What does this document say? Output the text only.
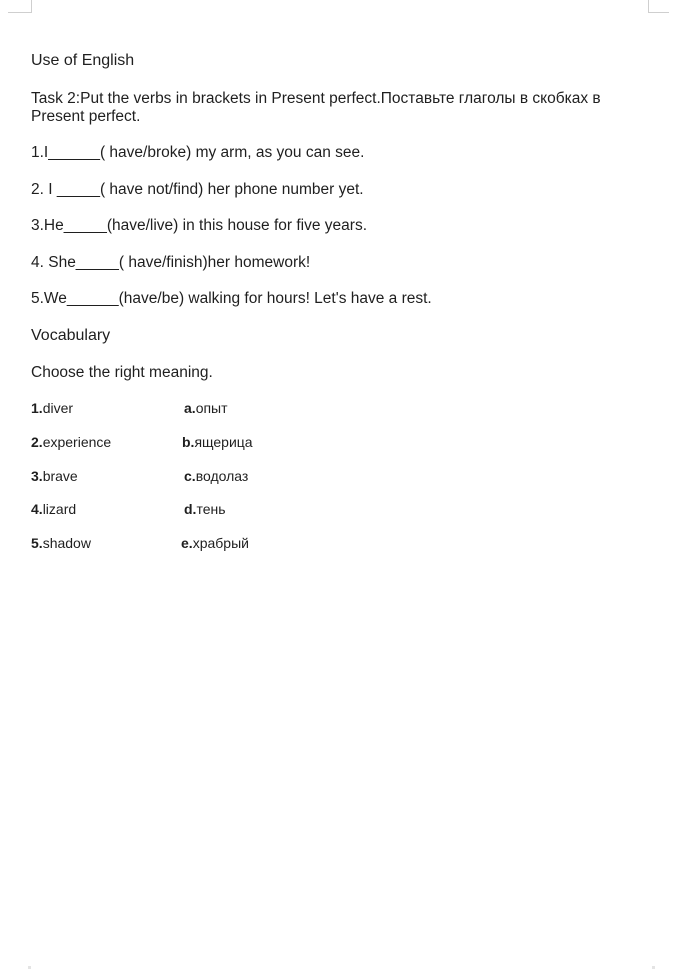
Use of English
Task 2:Put the verbs in brackets in Present perfect.Поставьте глаголы в скобках в Present perfect.
1.I______( have/broke) my arm, as you can see.
2. I _____( have not/find) her phone number yet.
3.He_____(have/live) in this house for five years.
4. She_____( have/finish)her homework!
5.We______(have/be) walking for hours! Let's have a rest.
Vocabulary
Choose the right meaning.
1.diver
2.experience
3.brave
4.lizard
5.shadow
a.опыт
b.ящерица
c.водолаз
d.тень
e.храбрый
